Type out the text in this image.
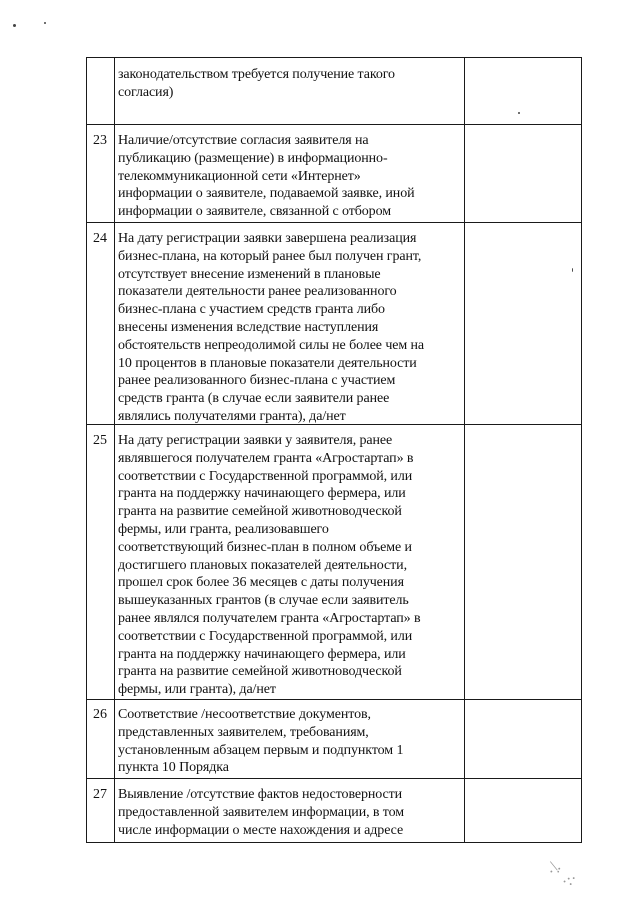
законодательством требуется получение такого
согласия)
23 Наличие/отсутствие согласия заявителя на
публикацию (размещение) в информационно-
телекоммуникационной сети «Интернет»
информации о заявителе, подаваемой заявке, иной
информации о заявителе, связанной с отбором
24 На дату регистрации заявки завершена реализация
бизнес-плана, на который ранее был получен грант,
отсутствует внесение изменений в плановые
показатели деятельности ранее реализованного
бизнес-плана с участием средств гранта либо
внесены изменения вследствие наступления
обстоятельств непреодолимой силы не более чем на
10 процентов в плановые показатели деятельности
ранее реализованного бизнес-плана с участием
средств гранта (в случае если заявители ранее
являлись получателями гранта), да/нет
25 На дату регистрации заявки у заявителя, ранее
являвшегося получателем гранта «Агростартап» в
соответствии с Государственной программой, или
гранта на поддержку начинающего фермера, или
гранта на развитие семейной животноводческой
фермы, или гранта, реализовавшего
соответствующий бизнес-план в полном объеме и
достигшего плановых показателей деятельности,
прошел срок более 36 месяцев с даты получения
вышеуказанных грантов (в случае если заявитель
ранее являлся получателем гранта «Агростартап» в
соответствии с Государственной программой, или
гранта на поддержку начинающего фермера, или
гранта на развитие семейной животноводческой
фермы, или гранта), да/нет
26 Соответствие /несоответствие документов,
представленных заявителем, требованиям,
установленным абзацем первым и подпунктом 1
пункта 10 Порядка
27 Выявление /отсутствие фактов недостоверности
предоставленной заявителем информации, в том
числе информации о месте нахождения и адресе
.\̣.
·:·
